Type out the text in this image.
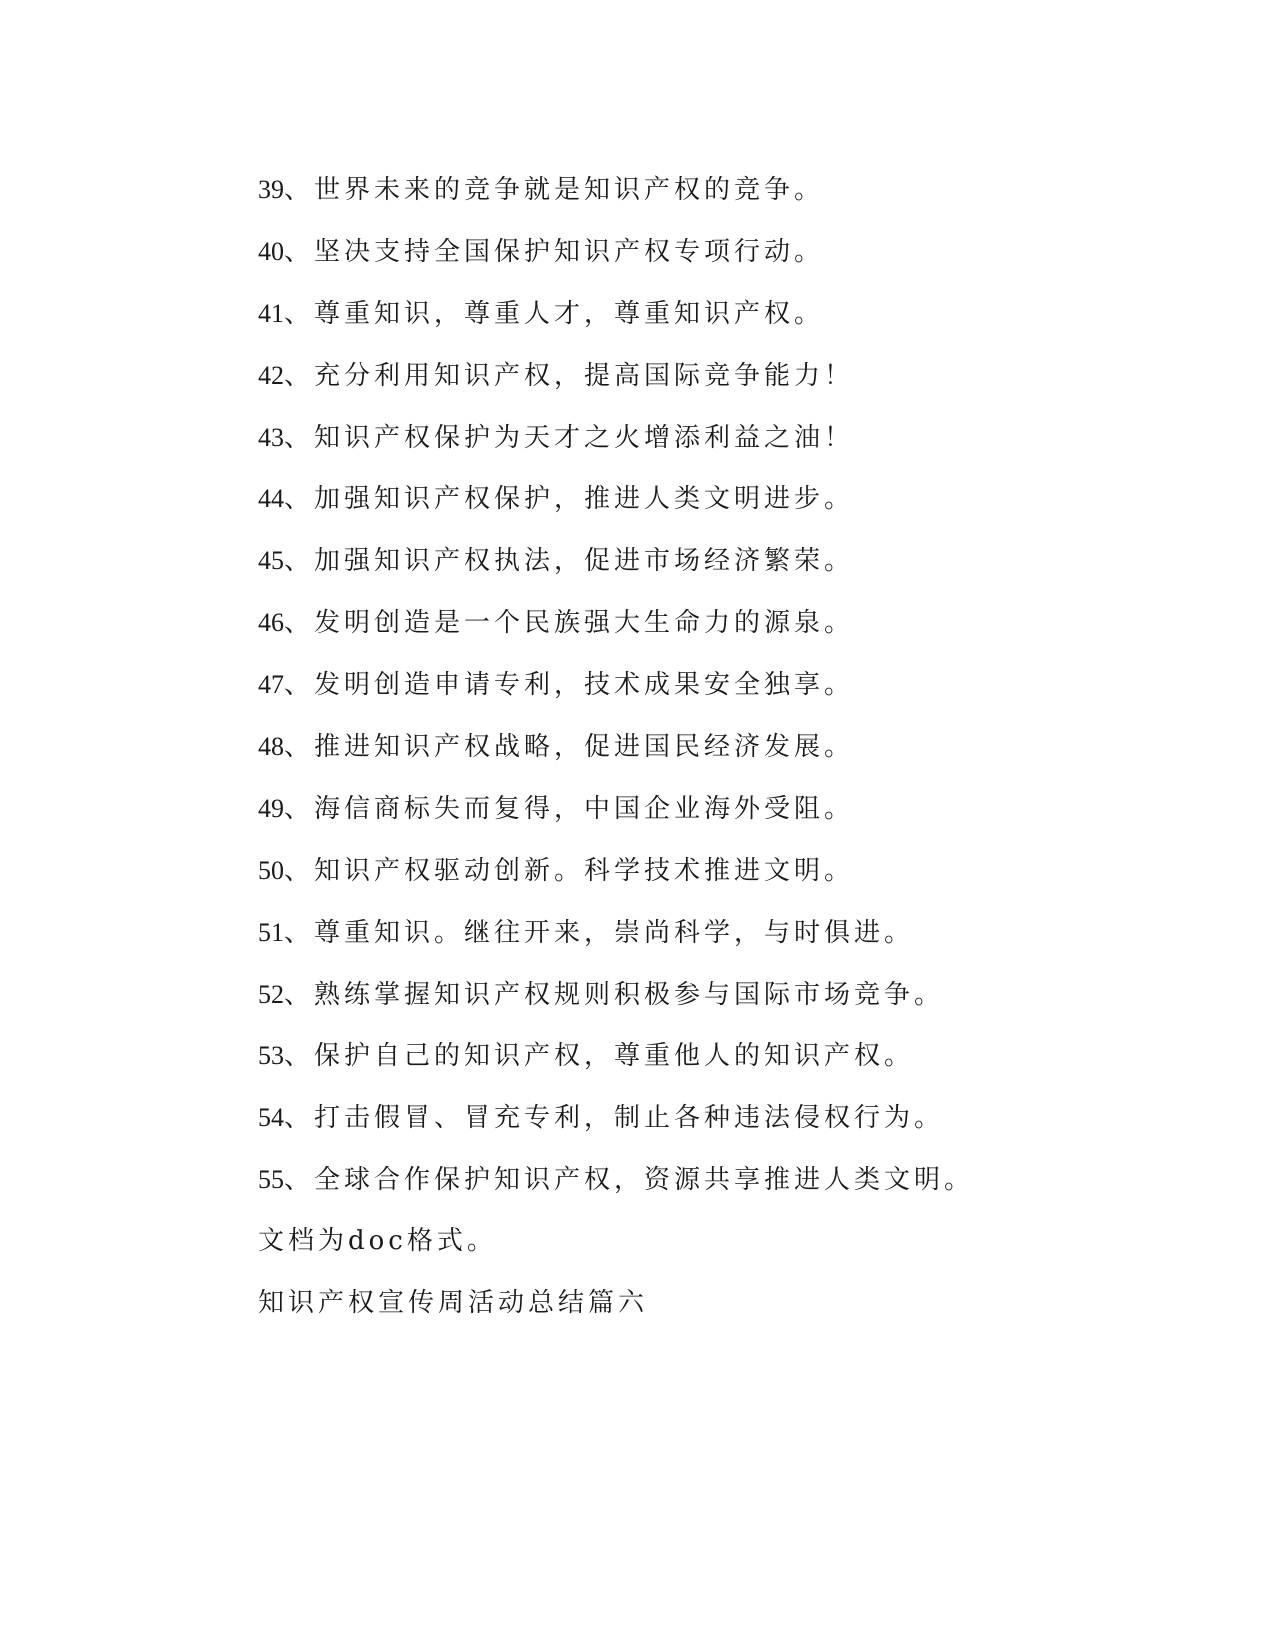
39、世界未来的竞争就是知识产权的竞争。
40、坚决支持全国保护知识产权专项行动。
41、尊重知识，尊重人才，尊重知识产权。
42、充分利用知识产权，提高国际竞争能力！
43、知识产权保护为天才之火增添利益之油！
44、加强知识产权保护，推进人类文明进步。
45、加强知识产权执法，促进市场经济繁荣。
46、发明创造是一个民族强大生命力的源泉。
47、发明创造申请专利，技术成果安全独享。
48、推进知识产权战略，促进国民经济发展。
49、海信商标失而复得，中国企业海外受阻。
50、知识产权驱动创新。科学技术推进文明。
51、尊重知识。继往开来，崇尚科学，与时俱进。
52、熟练掌握知识产权规则积极参与国际市场竞争。
53、保护自己的知识产权，尊重他人的知识产权。
54、打击假冒、冒充专利，制止各种违法侵权行为。
55、全球合作保护知识产权，资源共享推进人类文明。
文档为doc格式。
知识产权宣传周活动总结篇六
